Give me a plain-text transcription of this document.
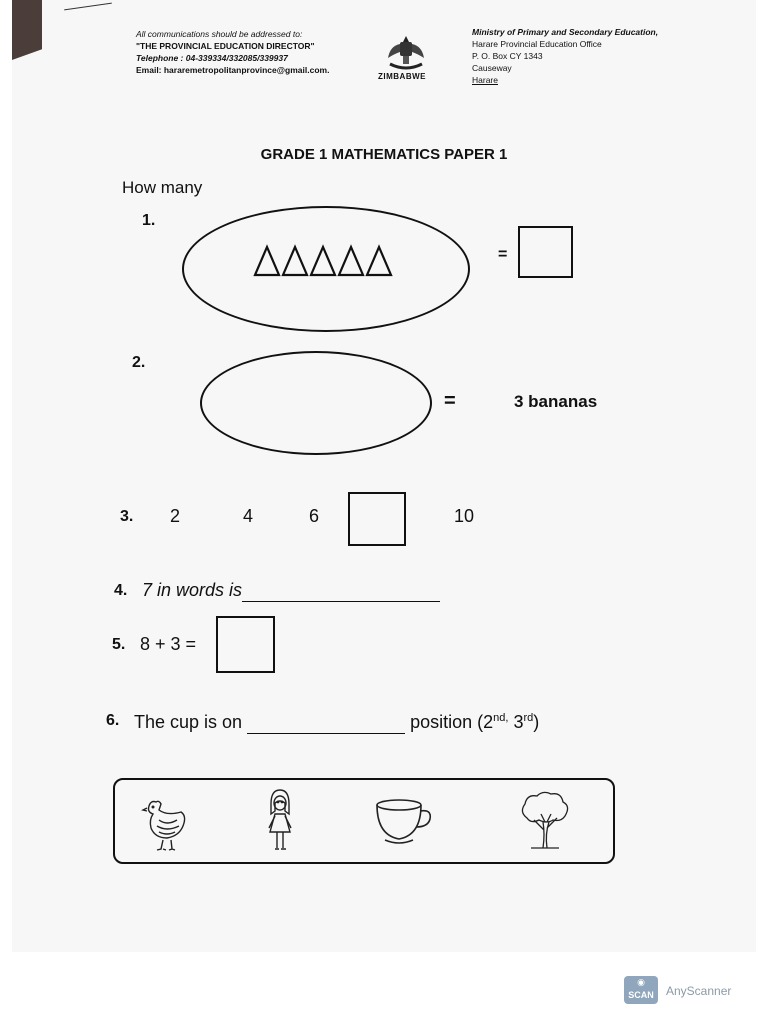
All communications should be addressed to:
"THE PROVINCIAL EDUCATION DIRECTOR"
Telephone : 04-339334/332085/339937
Email: hararemetropolitanprovince@gmail.com.
ZIMBABWE
Ministry of Primary and Secondary Education,
Harare Provincial Education Office
P. O. Box CY 1343
Causeway
Harare
GRADE 1 MATHEMATICS PAPER 1
How many
1.
=
2.
=	3 bananas
3. 2	4	6	10
4. 7 in words is
5. 8 + 3 =
6. The cup is on	position ($2^{nd,}$ 3rd)
◉
SCAN	AnyScanner
